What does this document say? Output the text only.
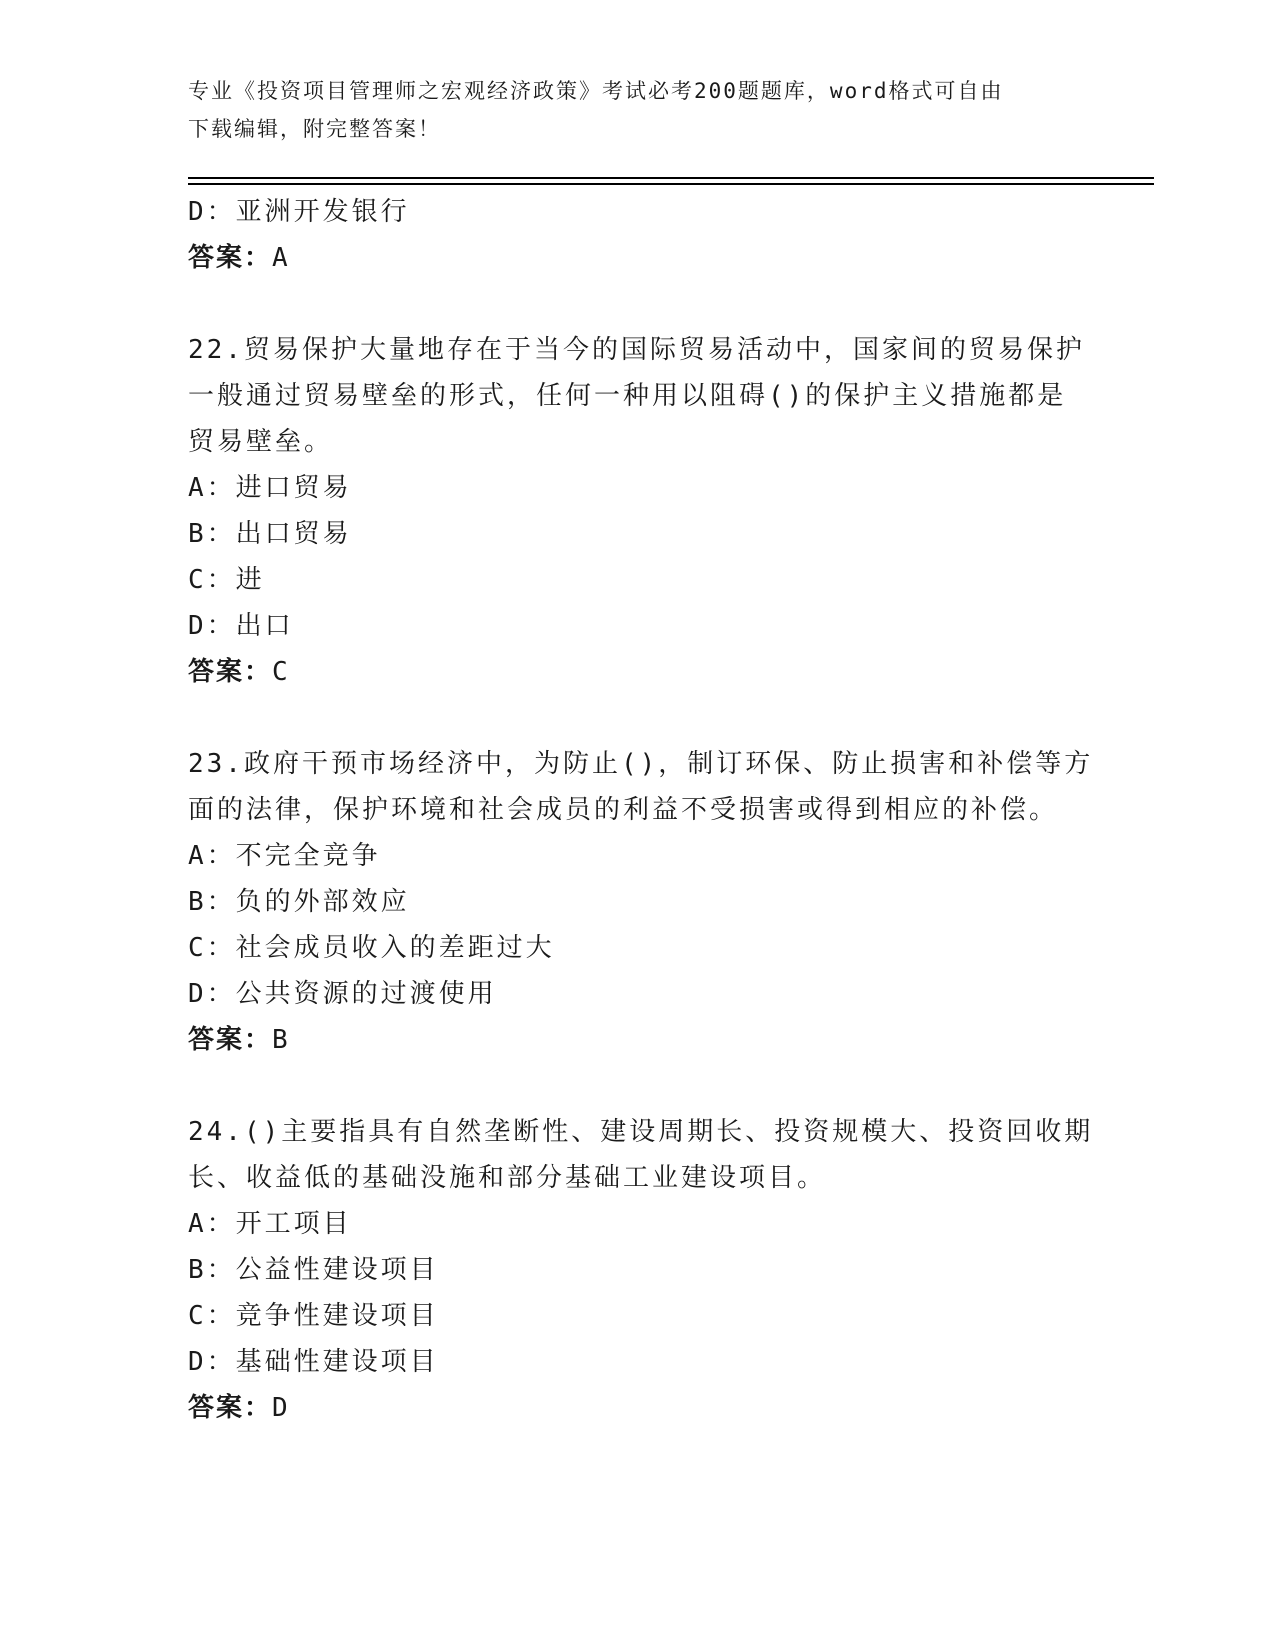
专业《投资项目管理师之宏观经济政策》考试必考200题题库，word格式可自由
下载编辑，附完整答案！
D：亚洲开发银行
答案：A
22.贸易保护大量地存在于当今的国际贸易活动中，国家间的贸易保护
一般通过贸易壁垒的形式，任何一种用以阻碍()的保护主义措施都是
贸易壁垒。
A：进口贸易
B：出口贸易
C：进
D：出口
答案：C
23.政府干预市场经济中，为防止()，制订环保、防止损害和补偿等方
面的法律，保护环境和社会成员的利益不受损害或得到相应的补偿。
A：不完全竞争
B：负的外部效应
C：社会成员收入的差距过大
D：公共资源的过渡使用
答案：B
24.()主要指具有自然垄断性、建设周期长、投资规模大、投资回收期
长、收益低的基础没施和部分基础工业建设项目。
A：开工项目
B：公益性建设项目
C：竞争性建设项目
D：基础性建设项目
答案：D
